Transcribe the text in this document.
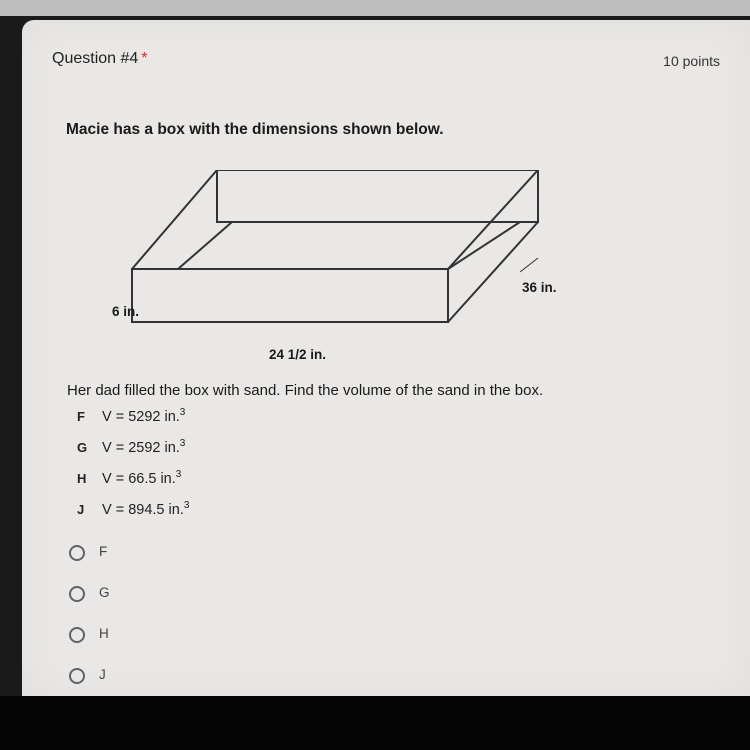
Question #4 *	10 points
Macie has a box with the dimensions shown below.
6 in.
36 in.
24 1/2 in.
Her dad filled the box with sand. Find the volume of the sand in the box.
F V = 5292 in.$^3$
G V = 2592 in.$^3$
H V = 66.5 in.$^3$
J V = 894.5 in.$^3$
F
G
H
J
